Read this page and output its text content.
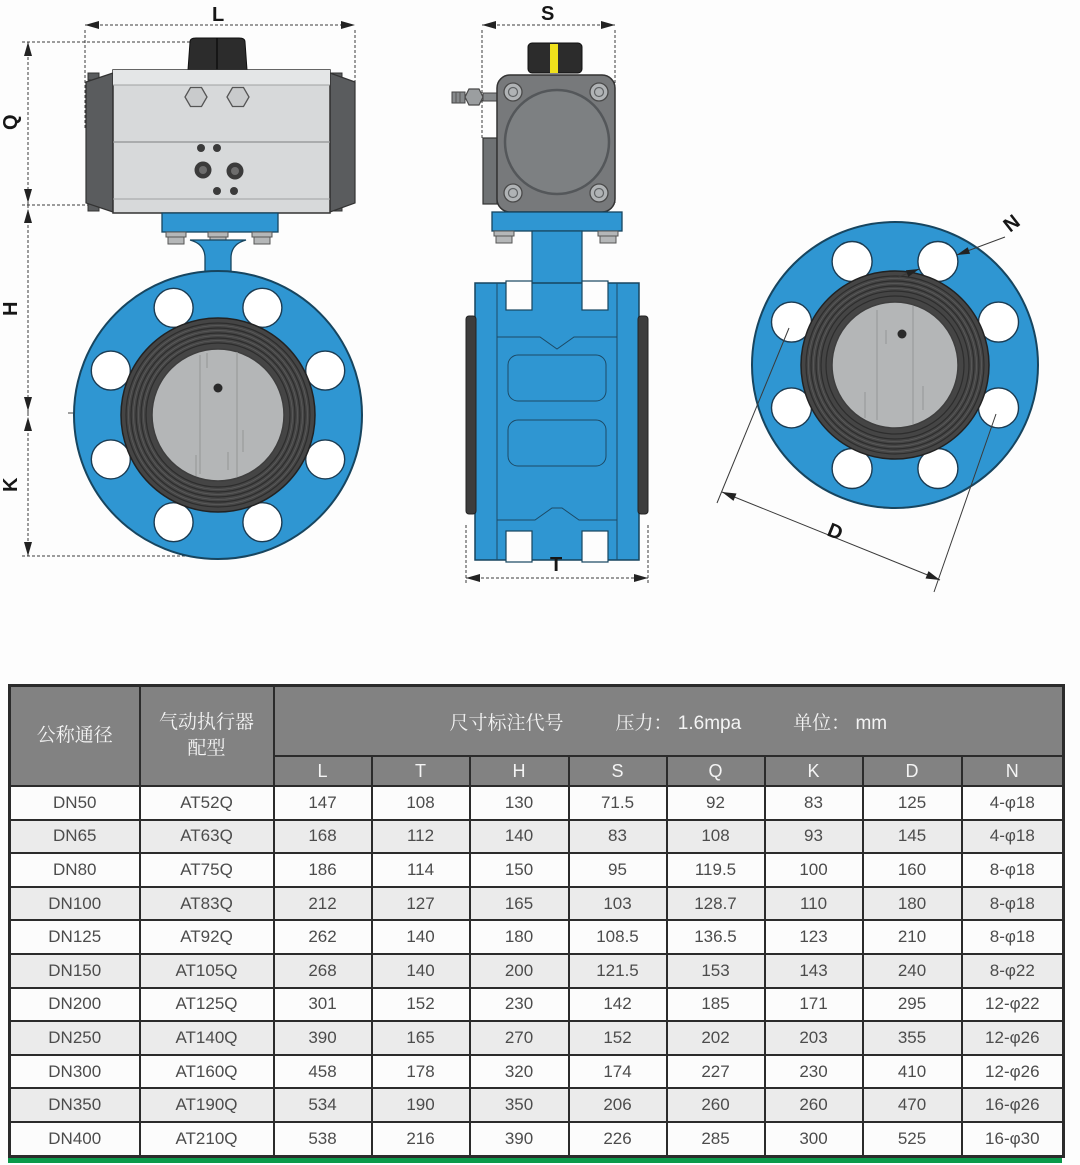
L
Q
H
K
S
T
N
D
公称通径	
气动执行器
配型

尺寸标注代号	压力： 1.6mpa	单位： mm

		L	T	H	S	Q	K	D	N
DN50	AT52Q	147	108	130	71.5	92	83	125	4-φ18
DN65	AT63Q	168	112	140	83	108	93	145	4-φ18
DN80	AT75Q	186	114	150	95	119.5	100	160	8-φ18
DN100	AT83Q	212	127	165	103	128.7	110	180	8-φ18
DN125	AT92Q	262	140	180	108.5	136.5	123	210	8-φ18
DN150	AT105Q	268	140	200	121.5	153	143	240	8-φ22
DN200	AT125Q	301	152	230	142	185	171	295	12-φ22
DN250	AT140Q	390	165	270	152	202	203	355	12-φ26
DN300	AT160Q	458	178	320	174	227	230	410	12-φ26
DN350	AT190Q	534	190	350	206	260	260	470	16-φ26
DN400	AT210Q	538	216	390	226	285	300	525	16-φ30
